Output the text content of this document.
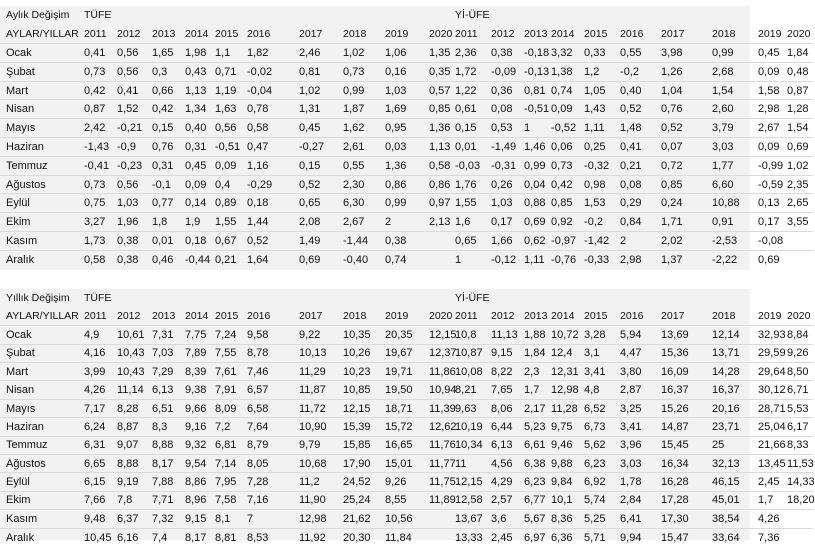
Aylık Değişim	TÜFE										Yİ-ÜFE									
AYLAR/YILLAR	2011	2012	2013	2014	2015	2016	2017	2018	2019	2020	2011	2012	2013	2014	2015	2016	2017	2018	2019	2020
Ocak	0,41	0,56	1,65	1,98	1,1	1,82	2,46	1,02	1,06	1,35	2,36	0,38	-0,18	3,32	0,33	0,55	3,98	0,99	0,45	1,84
Şubat	0,73	0,56	0,3	0,43	0,71	-0,02	0,81	0,73	0,16	0,35	1,72	-0,09	-0,13	1,38	1,2	-0,2	1,26	2,68	0,09	0,48
Mart	0,42	0,41	0,66	1,13	1,19	-0,04	1,02	0,99	1,03	0,57	1,22	0,36	0,81	0,74	1,05	0,40	1,04	1,54	1,58	0,87
Nisan	0,87	1,52	0,42	1,34	1,63	0,78	1,31	1,87	1,69	0,85	0,61	0,08	-0,51	0,09	1,43	0,52	0,76	2,60	2,98	1,28
Mayıs	2,42	-0,21	0,15	0,40	0,56	0,58	0,45	1,62	0,95	1,36	0,15	0,53	1	-0,52	1,11	1,48	0,52	3,79	2,67	1,54
Haziran	-1,43	-0,9	0,76	0,31	-0,51	0,47	-0,27	2,61	0,03	1,13	0,01	-1,49	1,46	0,06	0,25	0,41	0,07	3,03	0,09	0,69
Temmuz	-0,41	-0,23	0,31	0,45	0,09	1,16	0,15	0,55	1,36	0,58	-0,03	-0,31	0,99	0,73	-0,32	0,21	0,72	1,77	-0,99	1,02
Ağustos	0,73	0,56	-0,1	0,09	0,4	-0,29	0,52	2,30	0,86	0,86	1,76	0,26	0,04	0,42	0,98	0,08	0,85	6,60	-0,59	2,35
Eylül	0,75	1,03	0,77	0,14	0,89	0,18	0,65	6,30	0,99	0,97	1,55	1,03	0,88	0,85	1,53	0,29	0,24	10,88	0,13	2,65
Ekim	3,27	1,96	1,8	1,9	1,55	1,44	2,08	2,67	2	2,13	1,6	0,17	0,69	0,92	-0,2	0,84	1,71	0,91	0,17	3,55
Kasım	1,73	0,38	0,01	0,18	0,67	0,52	1,49	-1,44	0,38		0,65	1,66	0,62	-0,97	-1,42	2	2,02	-2,53	-0,08	
Aralık	0,58	0,38	0,46	-0,44	0,21	1,64	0,69	-0,40	0,74		1	-0,12	1,11	-0,76	-0,33	2,98	1,37	-2,22	0,69	
Yıllık Değişim	TÜFE										Yİ-ÜFE									
AYLAR/YILLAR	2011	2012	2013	2014	2015	2016	2017	2018	2019	2020	2011	2012	2013	2014	2015	2016	2017	2018	2019	2020
Ocak	4,9	10,61	7,31	7,75	7,24	9,58	9,22	10,35	20,35	12,15	10,8	11,13	1,88	10,72	3,28	5,94	13,69	12,14	32,93	8,84
Şubat	4,16	10,43	7,03	7,89	7,55	8,78	10,13	10,26	19,67	12,37	10,87	9,15	1,84	12,4	3,1	4,47	15,36	13,71	29,59	9,26
Mart	3,99	10,43	7,29	8,39	7,61	7,46	11,29	10,23	19,71	11,86	10,08	8,22	2,3	12,31	3,41	3,80	16,09	14,28	29,64	8,50
Nisan	4,26	11,14	6,13	9,38	7,91	6,57	11,87	10,85	19,50	10,94	8,21	7,65	1,7	12,98	4,8	2,87	16,37	16,37	30,12	6,71
Mayıs	7,17	8,28	6,51	9,66	8,09	6,58	11,72	12,15	18,71	11,39	9,63	8,06	2,17	11,28	6,52	3,25	15,26	20,16	28,71	5,53
Haziran	6,24	8,87	8,3	9,16	7,2	7,64	10,90	15,39	15,72	12,62	10,19	6,44	5,23	9,75	6,73	3,41	14,87	23,71	25,04	6,17
Temmuz	6,31	9,07	8,88	9,32	6,81	8,79	9,79	15,85	16,65	11,76	10,34	6,13	6,61	9,46	5,62	3,96	15,45	25	21,66	8,33
Ağustos	6,65	8,88	8,17	9,54	7,14	8,05	10,68	17,90	15,01	11,77	11	4,56	6,38	9,88	6,23	3,03	16,34	32,13	13,45	11,53
Eylül	6,15	9,19	7,88	8,86	7,95	7,28	11,2	24,52	9,26	11,75	12,15	4,29	6,23	9,84	6,92	1,78	16,28	46,15	2,45	14,33
Ekim	7,66	7,8	7,71	8,96	7,58	7,16	11,90	25,24	8,55	11,89	12,58	2,57	6,77	10,1	5,74	2,84	17,28	45,01	1,7	18,20
Kasım	9,48	6,37	7,32	9,15	8,1	7	12,98	21,62	10,56		13,67	3,6	5,67	8,36	5,25	6,41	17,30	38,54	4,26	
Aralık	10,45	6,16	7,4	8,17	8,81	8,53	11,92	20,30	11,84		13,33	2,45	6,97	6,36	5,71	9,94	15,47	33,64	7,36	
